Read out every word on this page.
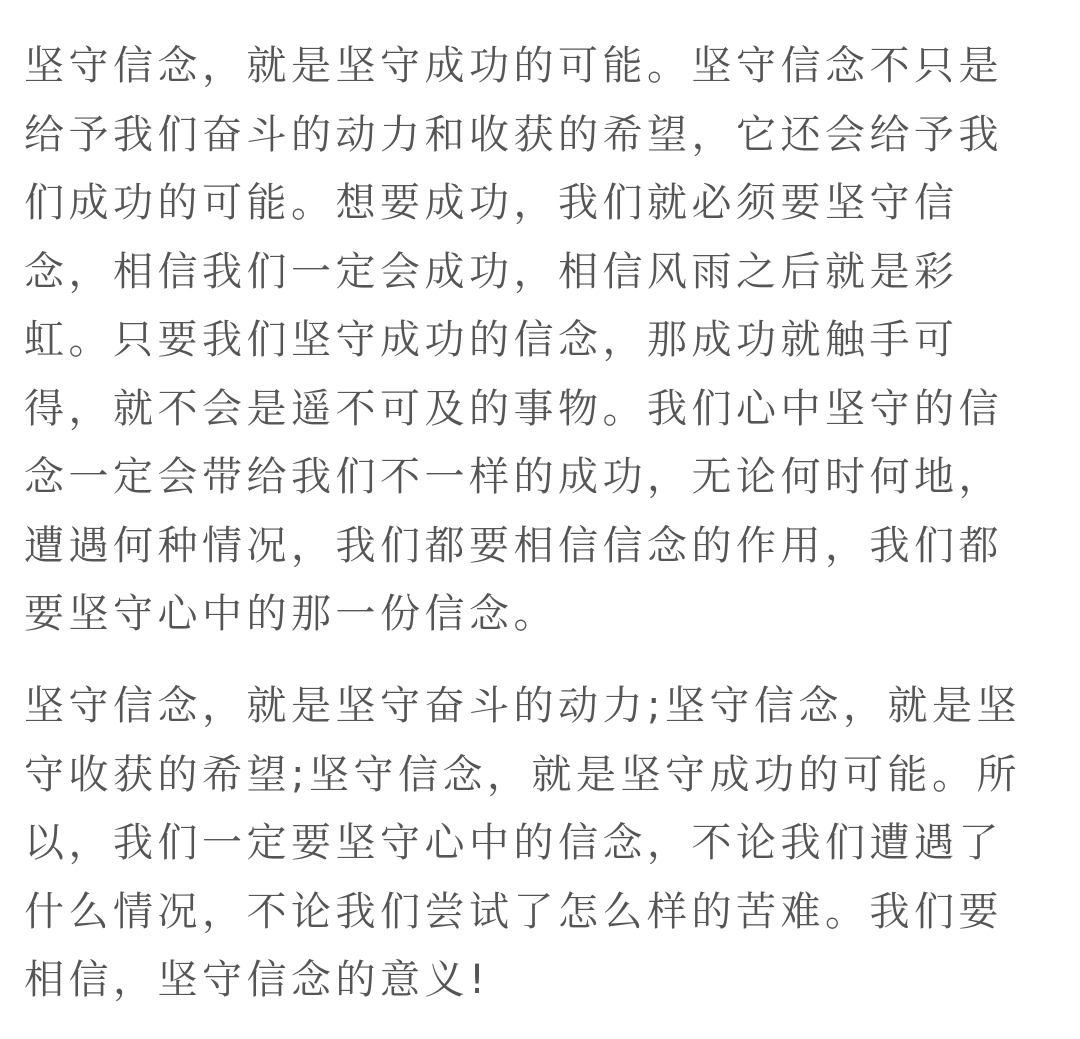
坚守信念，就是坚守成功的可能。坚守信念不只是给予我们奋斗的动力和收获的希望，它还会给予我们成功的可能。想要成功，我们就必须要坚守信念，相信我们一定会成功，相信风雨之后就是彩虹。只要我们坚守成功的信念，那成功就触手可得，就不会是遥不可及的事物。我们心中坚守的信念一定会带给我们不一样的成功，无论何时何地，遭遇何种情况，我们都要相信信念的作用，我们都要坚守心中的那一份信念。

坚守信念，就是坚守奋斗的动力;坚守信念，就是坚守收获的希望;坚守信念，就是坚守成功的可能。所以，我们一定要坚守心中的信念，不论我们遭遇了什么情况，不论我们尝试了怎么样的苦难。我们要相信，坚守信念的意义!
